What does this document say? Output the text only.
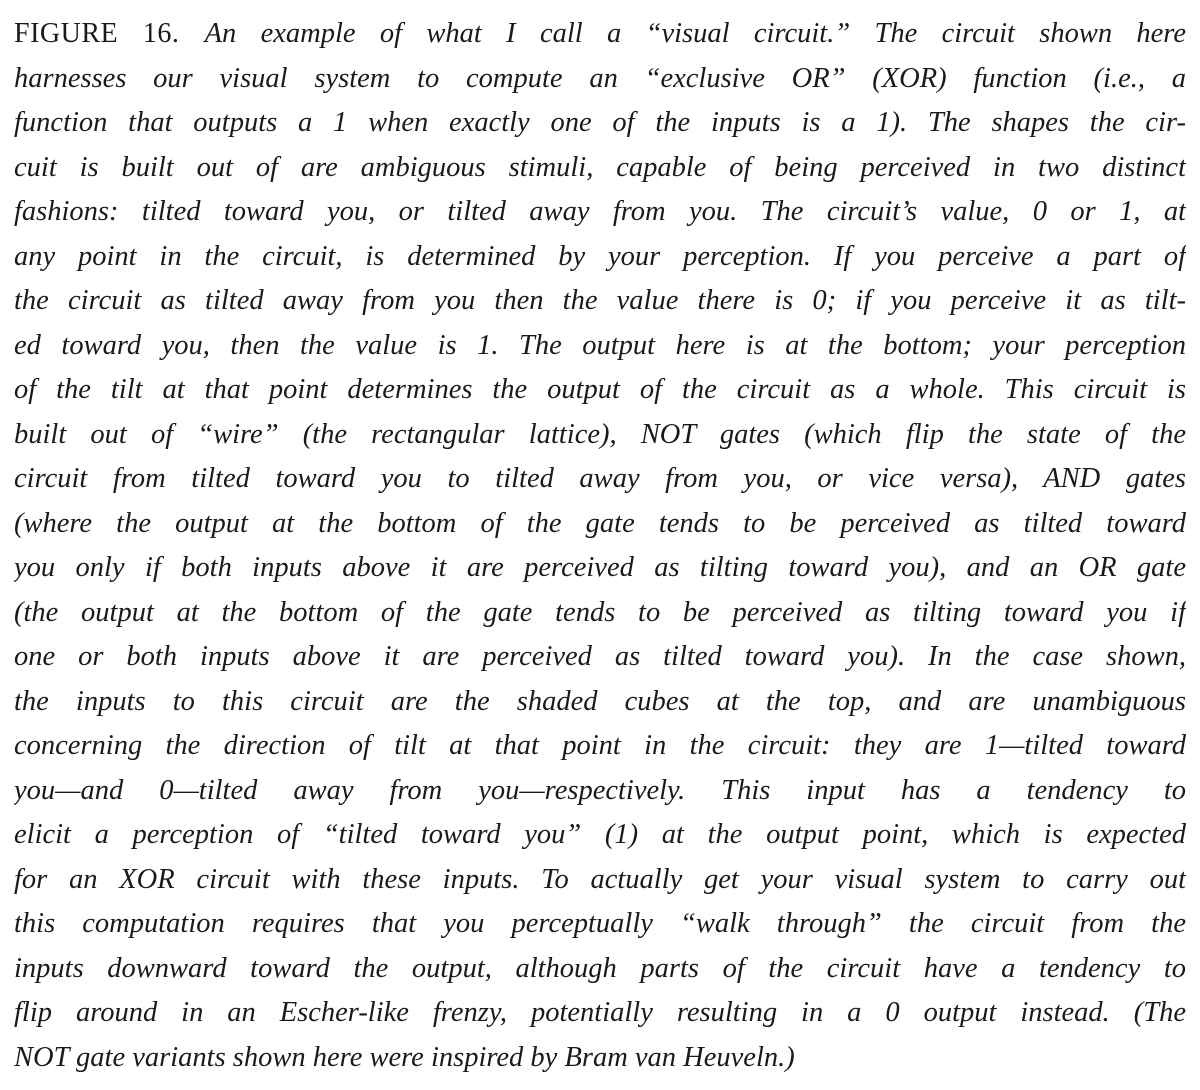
FIGURE 16. An example of what I call a “visual circuit.” The circuit shown here
harnesses our visual system to compute an “exclusive OR” (XOR) function (i.e., a
function that outputs a 1 when exactly one of the inputs is a 1). The shapes the cir-
cuit is built out of are ambiguous stimuli, capable of being perceived in two distinct
fashions: tilted toward you, or tilted away from you. The circuit’s value, 0 or 1, at
any point in the circuit, is determined by your perception. If you perceive a part of
the circuit as tilted away from you then the value there is 0; if you perceive it as tilt-
ed toward you, then the value is 1. The output here is at the bottom; your perception
of the tilt at that point determines the output of the circuit as a whole. This circuit is
built out of “wire” (the rectangular lattice), NOT gates (which flip the state of the
circuit from tilted toward you to tilted away from you, or vice versa), AND gates
(where the output at the bottom of the gate tends to be perceived as tilted toward
you only if both inputs above it are perceived as tilting toward you), and an OR gate
(the output at the bottom of the gate tends to be perceived as tilting toward you if
one or both inputs above it are perceived as tilted toward you). In the case shown,
the inputs to this circuit are the shaded cubes at the top, and are unambiguous
concerning the direction of tilt at that point in the circuit: they are 1—tilted toward
you—and 0—tilted away from you—respectively. This input has a tendency to
elicit a perception of “tilted toward you” (1) at the output point, which is expected
for an XOR circuit with these inputs. To actually get your visual system to carry out
this computation requires that you perceptually “walk through” the circuit from the
inputs downward toward the output, although parts of the circuit have a tendency to
flip around in an Escher-like frenzy, potentially resulting in a 0 output instead. (The
NOT gate variants shown here were inspired by Bram van Heuveln.)
